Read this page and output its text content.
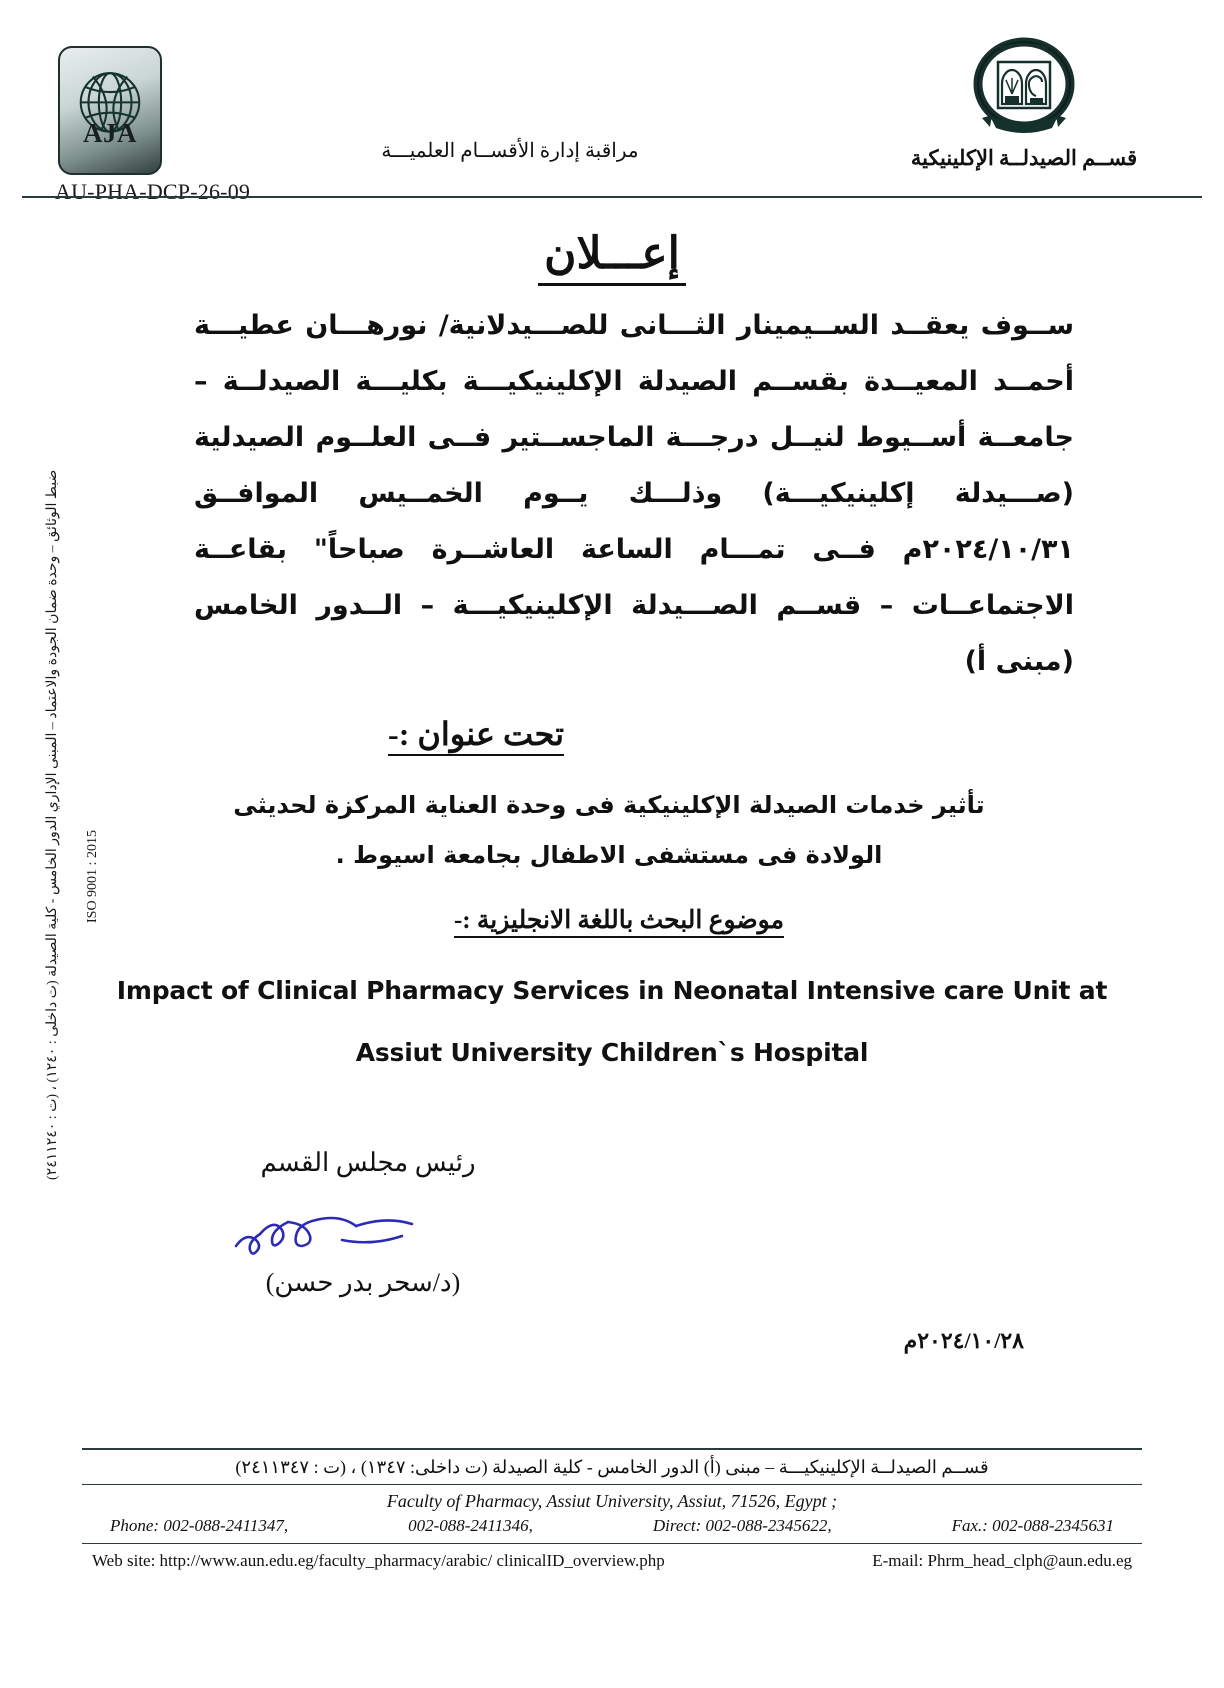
AJA
AU-PHA-DCP-26-09
مراقبة إدارة الأقســام العلميـــة	قســم الصيدلــة الإكلينيكية
ضبط الوثائق – وحدة ضمان الجودة والاعتماد – المبنى الإداري الدور الخامس - كلية الصيدلة (ت داخلى : ١٢٤٠) ، (ت : ٢٤١١٢٤٠) ISO 9001 : 2015
إعـــلان

ســوف يعقــد الســيمينار الثـــانى للصـــيدلانية/ نورهـــان عطيـــة أحمــد المعيــدة بقســم الصيدلة الإكلينيكيـــة بكليـــة الصيدلــة – جامعــة أســيوط لنيــل درجـــة الماجســتير فــى العلــوم الصيدلية (صـــيدلة إكلينيكيـــة) وذلـــك يــوم الخمــيس الموافــق ٢٠٢٤/١٠/٣١م فــى تمـــام الساعة العاشــرة صباحاً" بقاعــة الاجتماعــات – قســم الصـــيدلة الإكلينيكيـــة – الــدور الخامس (مبنى أ)

تحت عنوان :-
تأثير خدمات الصيدلة الإكلينيكية فى وحدة العناية المركزة لحديثى الولادة فى مستشفى الاطفال بجامعة اسيوط .
موضوع البحث باللغة الانجليزية :-
Impact of Clinical Pharmacy Services in Neonatal Intensive care Unit at
Assiut University Children`s Hospital
رئيس مجلس القسم
(د/سحر بدر حسن)
٢٠٢٤/١٠/٢٨م
قســم الصيدلــة الإكلينيكيـــة – مبنى (أ) الدور الخامس - كلية الصيدلة (ت داخلى: ١٣٤٧) ، (ت : ٢٤١١٣٤٧)
Faculty of Pharmacy, Assiut University, Assiut, 71526, Egypt ;
Phone: 002-088-2411347,	002-088-2411346,	Direct: 002-088-2345622,	Fax.: 002-088-2345631
Web site: http://www.aun.edu.eg/faculty_pharmacy/arabic/ clinicalID_overview.php	E-mail: Phrm_head_clph@aun.edu.eg
